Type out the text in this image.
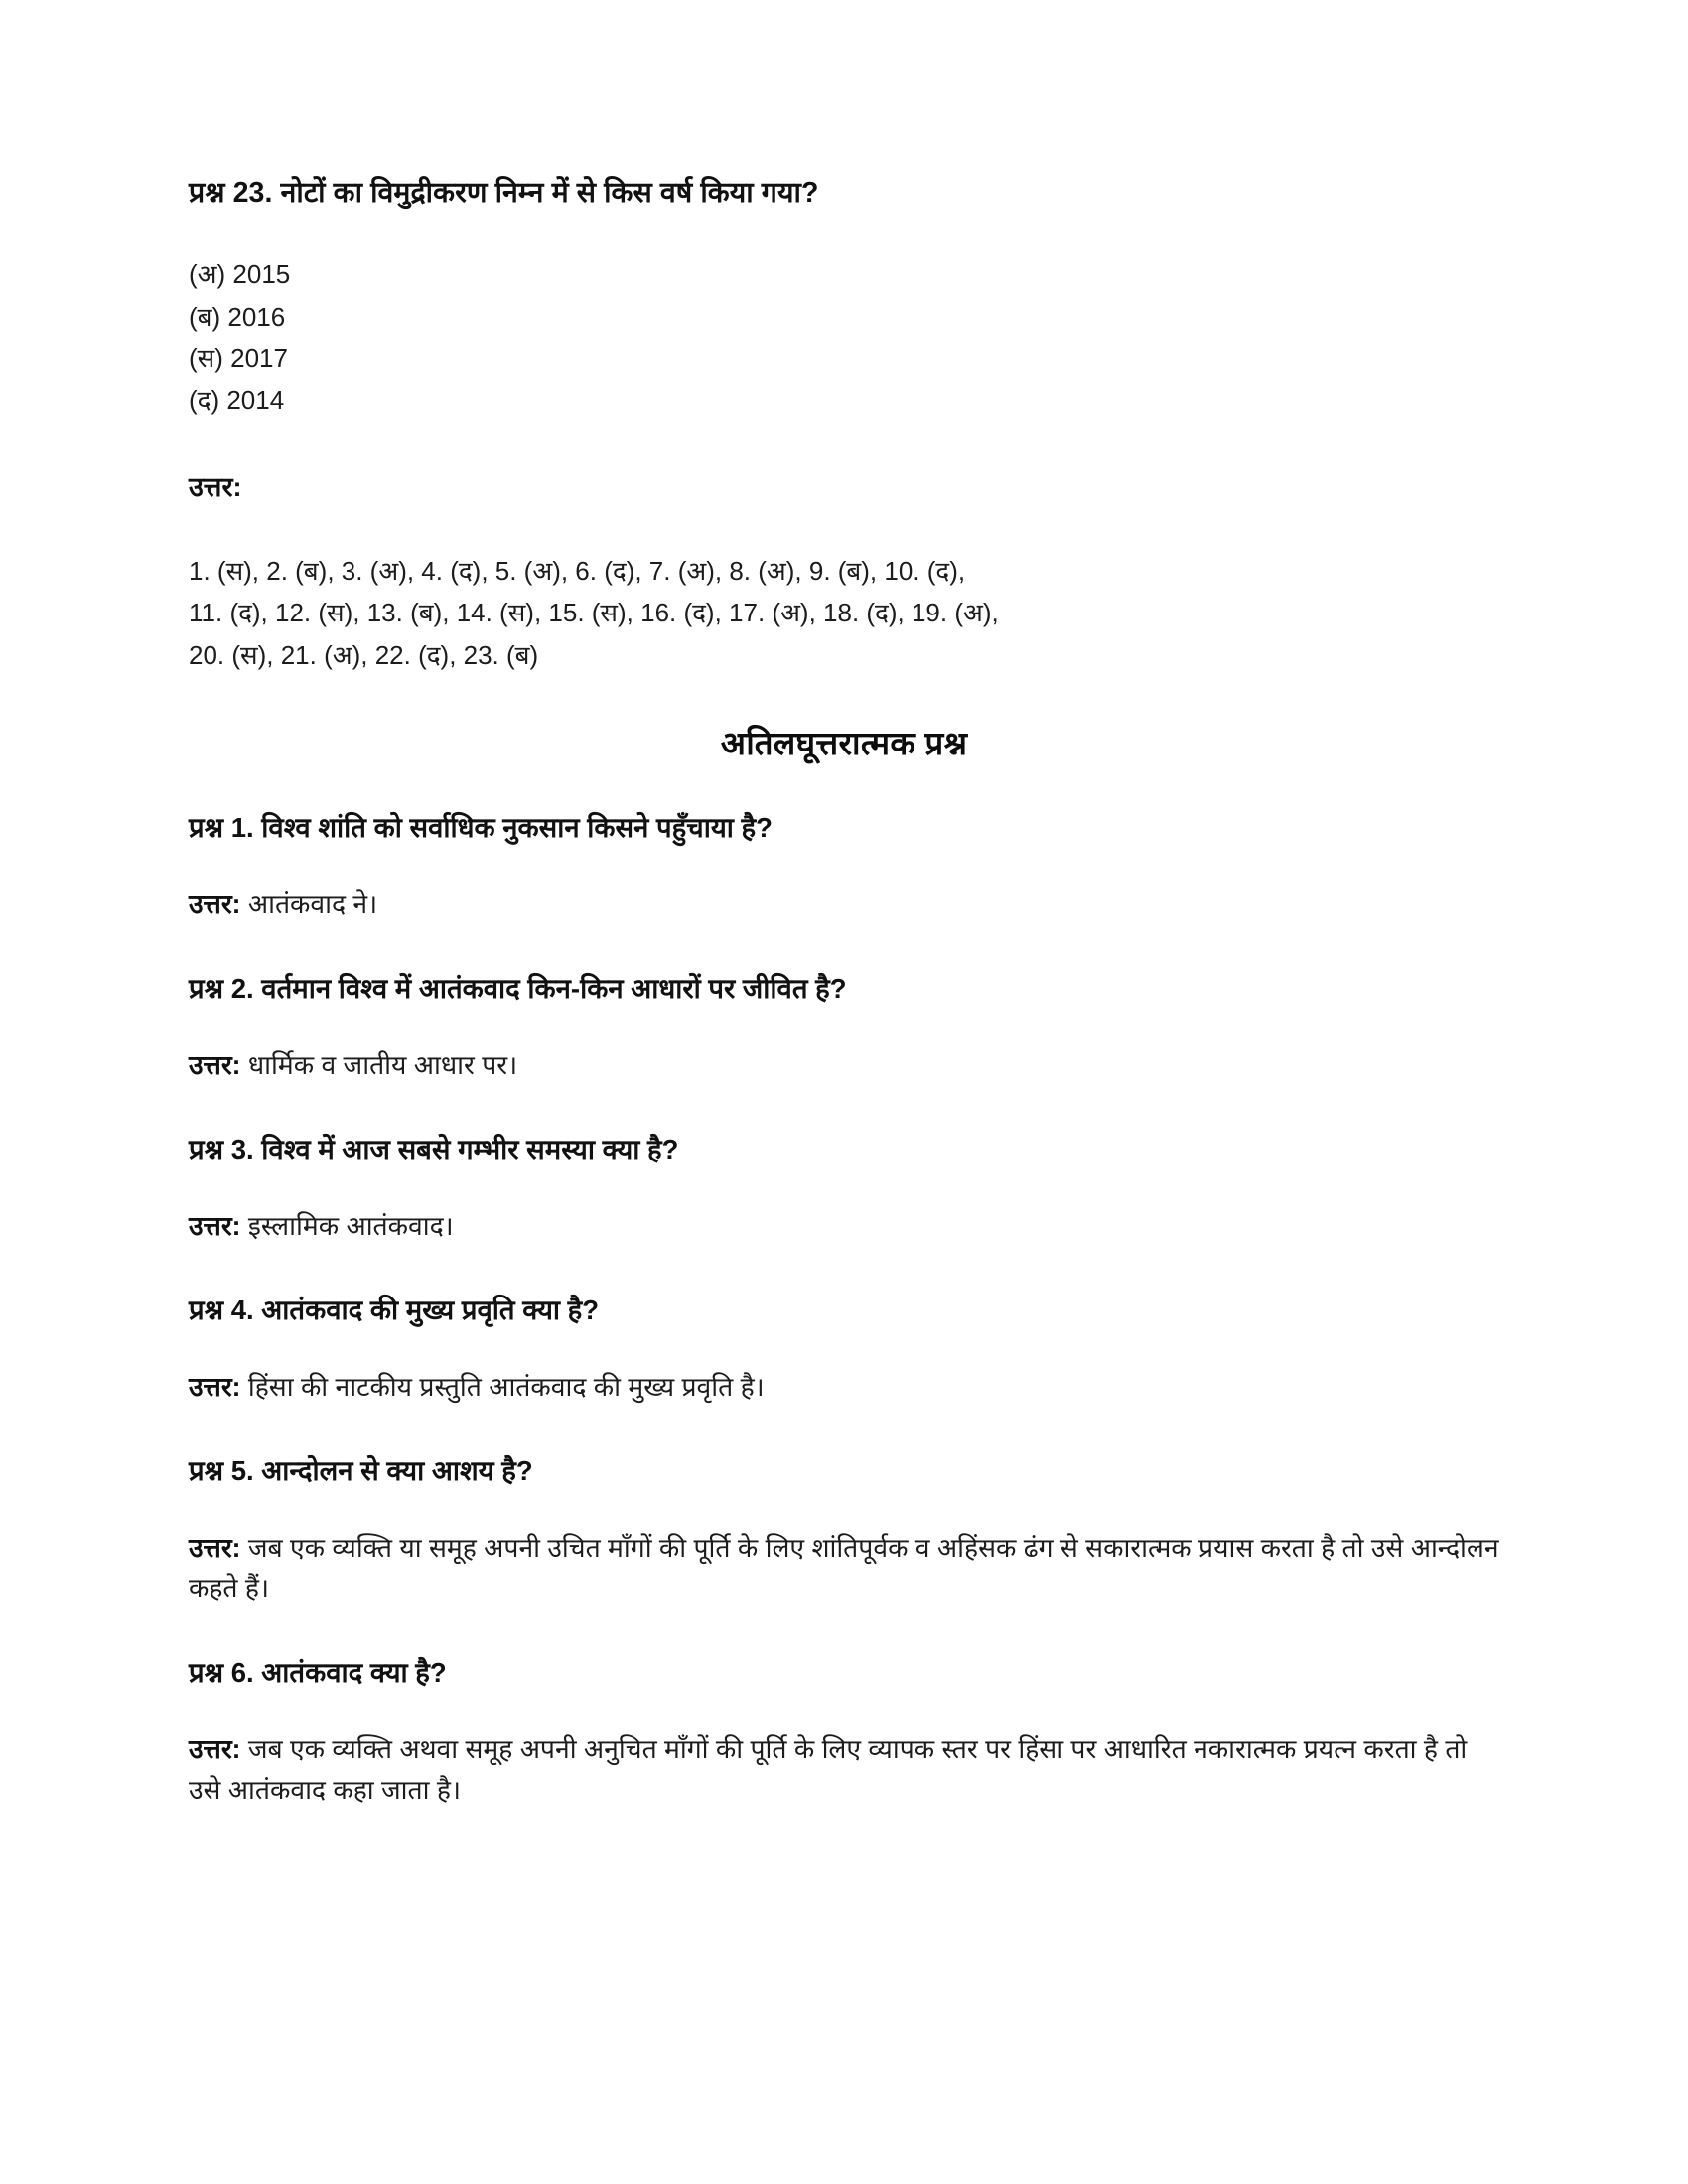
प्रश्न 23. नोटों का विमुद्रीकरण निम्न में से किस वर्ष किया गया?
(अ) 2015
(ब) 2016
(स) 2017
(द) 2014
उत्तर:
1. (स), 2. (ब), 3. (अ), 4. (द), 5. (अ), 6. (द), 7. (अ), 8. (अ), 9. (ब), 10. (द),
11. (द), 12. (स), 13. (ब), 14. (स), 15. (स), 16. (द), 17. (अ), 18. (द), 19. (अ),
20. (स), 21. (अ), 22. (द), 23. (ब)
अतिलघूत्तरात्मक प्रश्न
प्रश्न 1. विश्व शांति को सर्वाधिक नुकसान किसने पहुँचाया है?
उत्तर: आतंकवाद ने।
प्रश्न 2. वर्तमान विश्व में आतंकवाद किन-किन आधारों पर जीवित है?
उत्तर: धार्मिक व जातीय आधार पर।
प्रश्न 3. विश्व में आज सबसे गम्भीर समस्या क्या है?
उत्तर: इस्लामिक आतंकवाद।
प्रश्न 4. आतंकवाद की मुख्य प्रवृति क्या है?
उत्तर: हिंसा की नाटकीय प्रस्तुति आतंकवाद की मुख्य प्रवृति है।
प्रश्न 5. आन्दोलन से क्या आशय है?
उत्तर: जब एक व्यक्ति या समूह अपनी उचित माँगों की पूर्ति के लिए शांतिपूर्वक व अहिंसक ढंग से सकारात्मक प्रयास करता है तो उसे आन्दोलन कहते हैं।
प्रश्न 6. आतंकवाद क्या है?
उत्तर: जब एक व्यक्ति अथवा समूह अपनी अनुचित माँगों की पूर्ति के लिए व्यापक स्तर पर हिंसा पर आधारित नकारात्मक प्रयत्न करता है तो उसे आतंकवाद कहा जाता है।
